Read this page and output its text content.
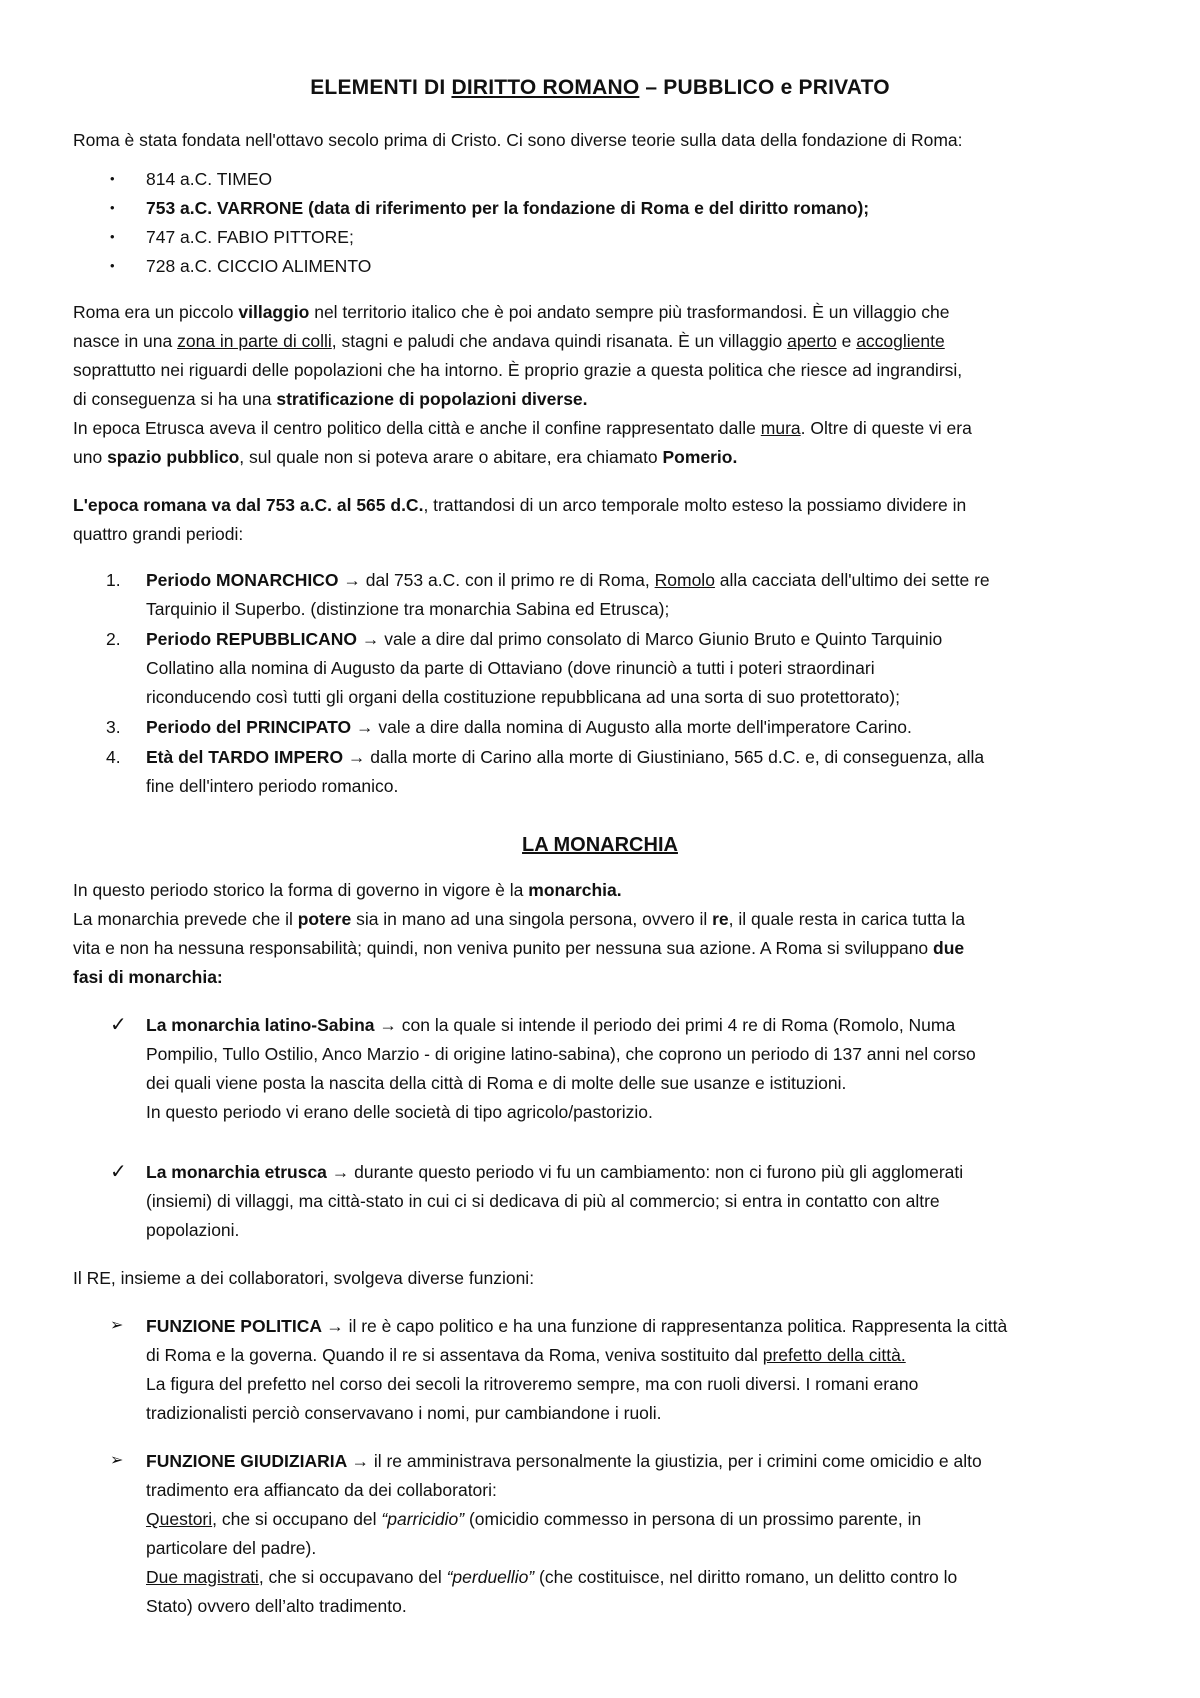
ELEMENTI DI DIRITTO ROMANO – PUBBLICO e PRIVATO
Roma è stata fondata nell'ottavo secolo prima di Cristo. Ci sono diverse teorie sulla data della fondazione di Roma:
• 814 a.C. TIMEO
• 753 a.C. VARRONE (data di riferimento per la fondazione di Roma e del diritto romano);
• 747 a.C. FABIO PITTORE;
• 728 a.C. CICCIO ALIMENTO
Roma era un piccolo villaggio nel territorio italico che è poi andato sempre più trasformandosi. È un villaggio che
nasce in una zona in parte di colli, stagni e paludi che andava quindi risanata. È un villaggio aperto e accogliente
soprattutto nei riguardi delle popolazioni che ha intorno. È proprio grazie a questa politica che riesce ad ingrandirsi,
di conseguenza si ha una stratificazione di popolazioni diverse.
In epoca Etrusca aveva il centro politico della città e anche il confine rappresentato dalle mura. Oltre di queste vi era
uno spazio pubblico, sul quale non si poteva arare o abitare, era chiamato Pomerio.
L'epoca romana va dal 753 a.C. al 565 d.C., trattandosi di un arco temporale molto esteso la possiamo dividere in
quattro grandi periodi:
1. Periodo MONARCHICO → dal 753 a.C. con il primo re di Roma, Romolo alla cacciata dell'ultimo dei sette re
Tarquinio il Superbo. (distinzione tra monarchia Sabina ed Etrusca);
2. Periodo REPUBBLICANO → vale a dire dal primo consolato di Marco Giunio Bruto e Quinto Tarquinio
Collatino alla nomina di Augusto da parte di Ottaviano (dove rinunciò a tutti i poteri straordinari
riconducendo così tutti gli organi della costituzione repubblicana ad una sorta di suo protettorato);
3. Periodo del PRINCIPATO → vale a dire dalla nomina di Augusto alla morte dell'imperatore Carino.
4. Età del TARDO IMPERO → dalla morte di Carino alla morte di Giustiniano, 565 d.C. e, di conseguenza, alla
fine dell'intero periodo romanico.
LA MONARCHIA
In questo periodo storico la forma di governo in vigore è la monarchia.
La monarchia prevede che il potere sia in mano ad una singola persona, ovvero il re, il quale resta in carica tutta la
vita e non ha nessuna responsabilità; quindi, non veniva punito per nessuna sua azione. A Roma si sviluppano due
fasi di monarchia:
✓ La monarchia latino-Sabina → con la quale si intende il periodo dei primi 4 re di Roma (Romolo, Numa
Pompilio, Tullo Ostilio, Anco Marzio - di origine latino-sabina), che coprono un periodo di 137 anni nel corso
dei quali viene posta la nascita della città di Roma e di molte delle sue usanze e istituzioni.
In questo periodo vi erano delle società di tipo agricolo/pastorizio.
✓ La monarchia etrusca → durante questo periodo vi fu un cambiamento: non ci furono più gli agglomerati
(insiemi) di villaggi, ma città-stato in cui ci si dedicava di più al commercio; si entra in contatto con altre
popolazioni.
Il RE, insieme a dei collaboratori, svolgeva diverse funzioni:
➢ FUNZIONE POLITICA → il re è capo politico e ha una funzione di rappresentanza politica. Rappresenta la città
di Roma e la governa. Quando il re si assentava da Roma, veniva sostituito dal prefetto della città.
La figura del prefetto nel corso dei secoli la ritroveremo sempre, ma con ruoli diversi. I romani erano
tradizionalisti perciò conservavano i nomi, pur cambiandone i ruoli.
➢ FUNZIONE GIUDIZIARIA → il re amministrava personalmente la giustizia, per i crimini come omicidio e alto
tradimento era affiancato da dei collaboratori:
Questori, che si occupano del “parricidio” (omicidio commesso in persona di un prossimo parente, in
particolare del padre).
Due magistrati, che si occupavano del “perduellio” (che costituisce, nel diritto romano, un delitto contro lo
Stato) ovvero dell’alto tradimento.
